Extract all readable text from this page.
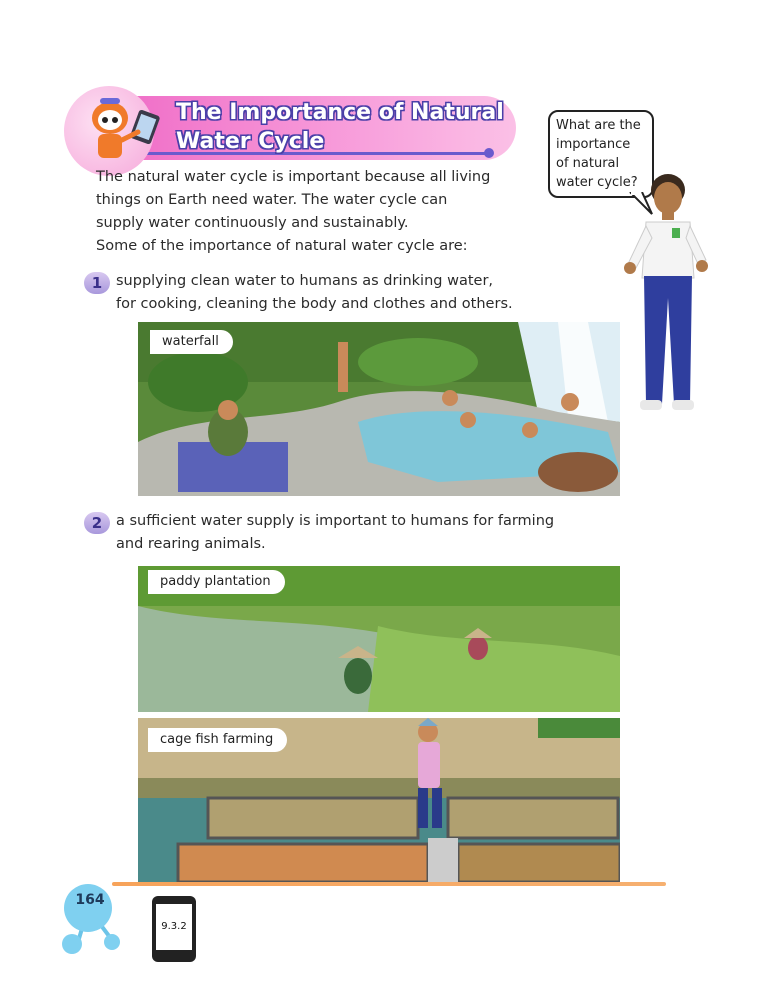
The Importance of Natural
Water Cycle
What are the
importance
of natural
water cycle?

The natural water cycle is important because all living

things on Earth need water. The water cycle can

supply water continuously and sustainably.

Some of the importance of natural water cycle are:

1 supplying clean water to humans as drinking water,
for cooking, cleaning the body and clothes and others.
waterfall
2 a sufficient water supply is important to humans for farming
and rearing animals.
paddy plantation
cage fish farming
164
9.3.2
